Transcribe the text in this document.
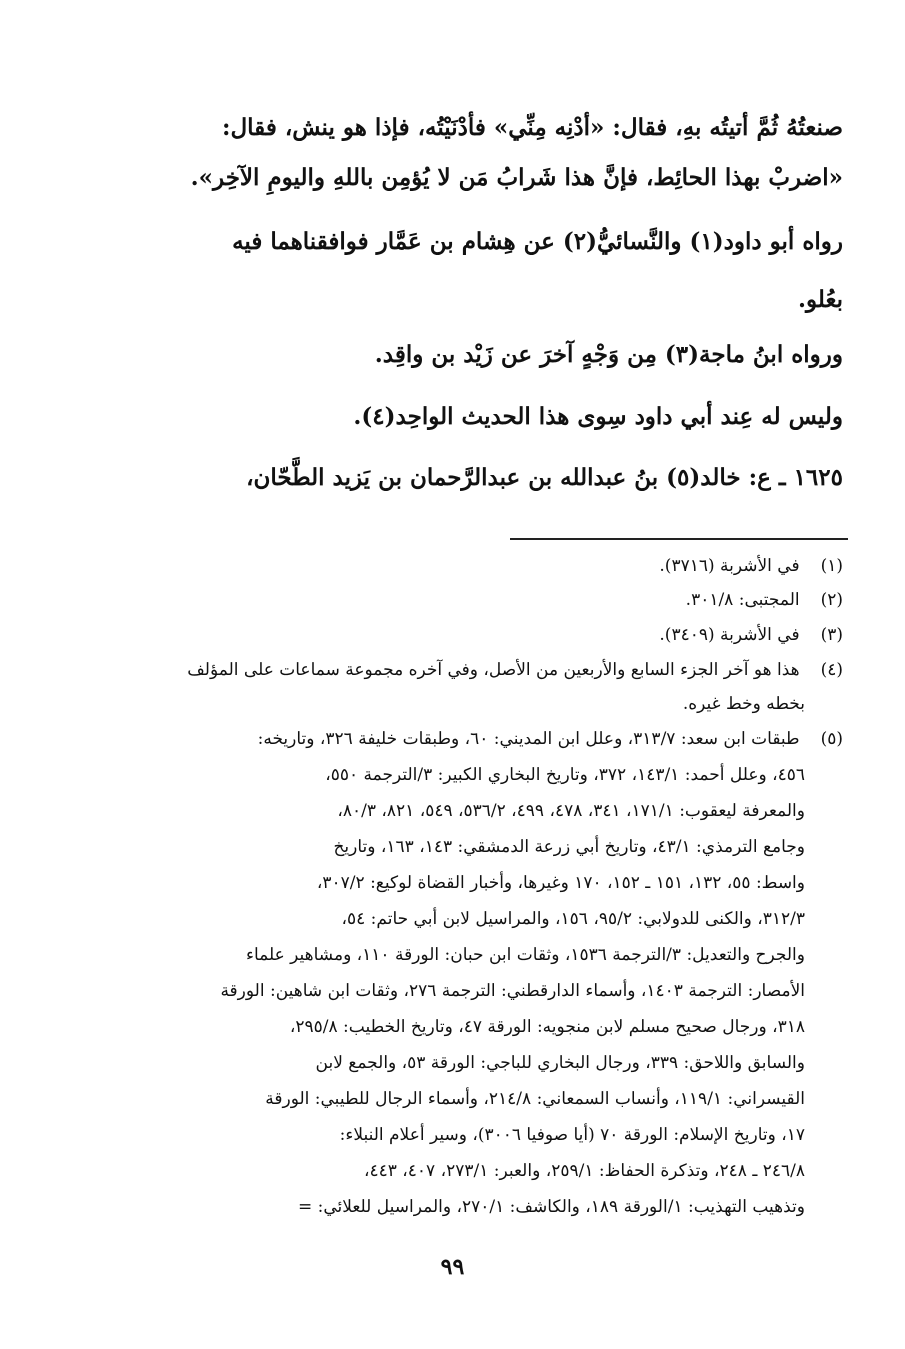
صنعتُهُ ثُمَّ أتيتُه بهِ، فقال: «أدْنِه مِنِّي» فأدْنَيْتُه، فإذا هو ينش، فقال:
«اضربْ بهذا الحائِط، فإنَّ هذا شَرابُ مَن لا يُؤمِن باللهِ واليومِ الآخِر».
رواه أبو داود(١) والنَّسائيُّ(٢) عن هِشام بن عَمَّار فوافقناهما فيه
بعُلو.
ورواه ابنُ ماجة(٣) مِن وَجْهٍ آخرَ عن زَيْد بن واقِد.
وليس له عِند أبي داود سِوى هذا الحديث الواحِد(٤).
١٦٢٥ ـ ع: خالد(٥) بنُ عبدالله بن عبدالرَّحمان بن يَزيد الطَّحّان،
(١) في الأشربة (٣٧١٦).
(٢) المجتبى: ٣٠١/٨.
(٣) في الأشربة (٣٤٠٩).
(٤) هذا هو آخر الجزء السابع والأربعين من الأصل، وفي آخره مجموعة سماعات على المؤلف
بخطه وخط غيره.
(٥) طبقات ابن سعد: ٣١٣/٧، وعلل ابن المديني: ٦٠، وطبقات خليفة ٣٢٦، وتاريخه:
٤٥٦، وعلل أحمد: ١٤٣/١، ٣٧٢، وتاريخ البخاري الكبير: ٣/الترجمة ٥٥٠،
والمعرفة ليعقوب: ١٧١/١، ٣٤١، ٤٧٨، ٤٩٩، ٥٣٦/٢، ٥٤٩، ٨٢١، ٨٠/٣،
وجامع الترمذي: ٤٣/١، وتاريخ أبي زرعة الدمشقي: ١٤٣، ١٦٣، وتاريخ
واسط: ٥٥، ١٣٢، ١٥١ ـ ١٥٢، ١٧٠ وغيرها، وأخبار القضاة لوكيع: ٣٠٧/٢،
٣١٢/٣، والكنى للدولابي: ٩٥/٢، ١٥٦، والمراسيل لابن أبي حاتم: ٥٤،
والجرح والتعديل: ٣/الترجمة ١٥٣٦، وثقات ابن حبان: الورقة ١١٠، ومشاهير علماء
الأمصار: الترجمة ١٤٠٣، وأسماء الدارقطني: الترجمة ٢٧٦، وثقات ابن شاهين: الورقة
٣١٨، ورجال صحيح مسلم لابن منجويه: الورقة ٤٧، وتاريخ الخطيب: ٢٩٥/٨،
والسابق واللاحق: ٣٣٩، ورجال البخاري للباجي: الورقة ٥٣، والجمع لابن
القيسراني: ١١٩/١، وأنساب السمعاني: ٢١٤/٨، وأسماء الرجال للطيبي: الورقة
١٧، وتاريخ الإسلام: الورقة ٧٠ (أيا صوفيا ٣٠٠٦)، وسير أعلام النبلاء:
٢٤٦/٨ ـ ٢٤٨، وتذكرة الحفاظ: ٢٥٩/١، والعبر: ٢٧٣/١، ٤٠٧، ٤٤٣،
وتذهيب التهذيب: ١/الورقة ١٨٩، والكاشف: ٢٧٠/١، والمراسيل للعلائي: =
٩٩
